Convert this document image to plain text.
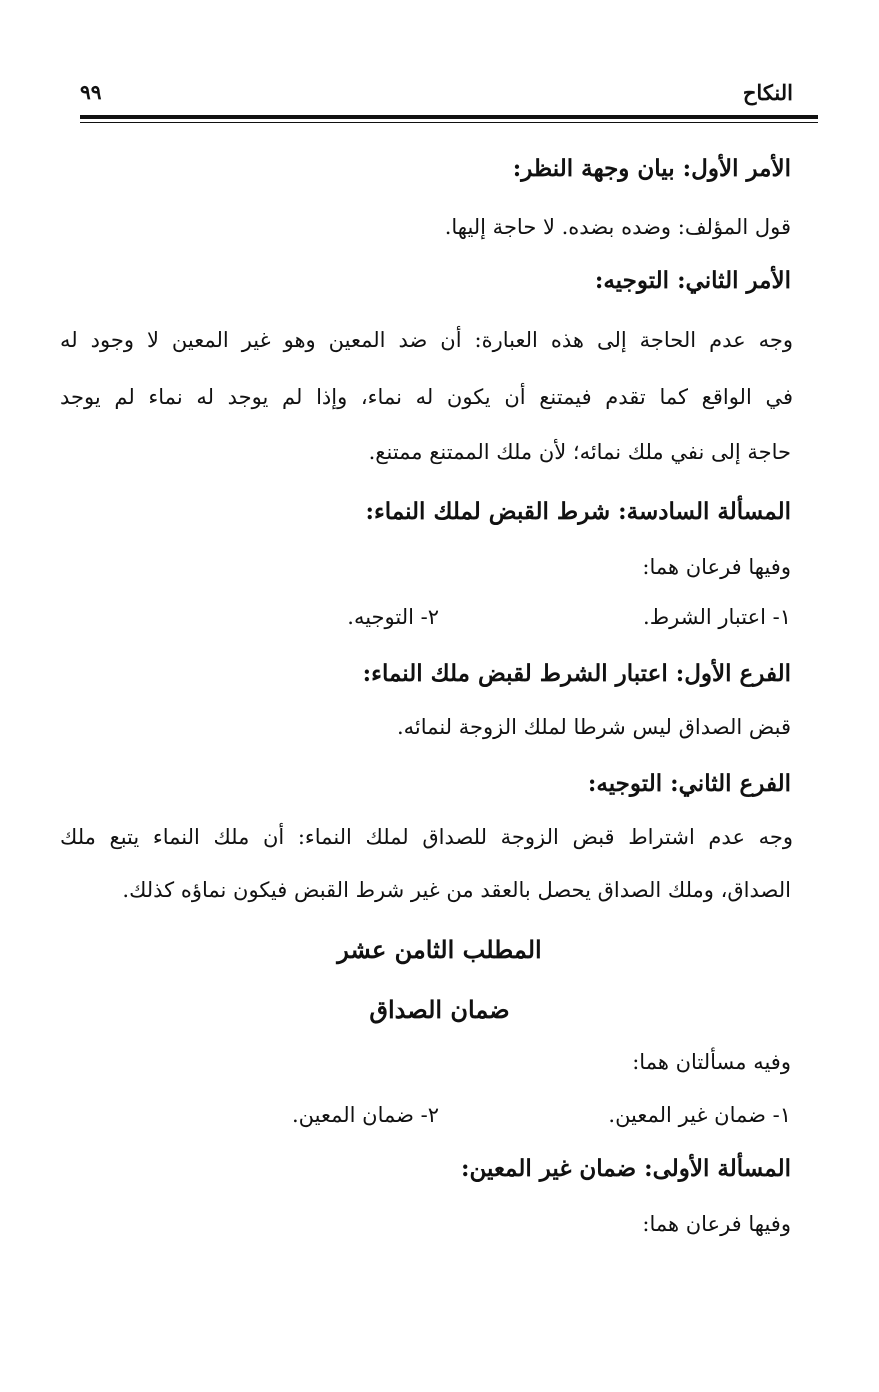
النكاح
٩٩
الأمر الأول: بيان وجهة النظر:
قول المؤلف: وضده بضده. لا حاجة إليها.
الأمر الثاني: التوجيه:
وجه عدم الحاجة إلى هذه العبارة: أن ضد المعين وهو غير المعين لا وجود له
في الواقع كما تقدم فيمتنع أن يكون له نماء، وإذا لم يوجد له نماء لم يوجد
حاجة إلى نفي ملك نمائه؛ لأن ملك الممتنع ممتنع.
المسألة السادسة: شرط القبض لملك النماء:
وفيها فرعان هما:
١- اعتبار الشرط.
٢- التوجيه.
الفرع الأول: اعتبار الشرط لقبض ملك النماء:
قبض الصداق ليس شرطا لملك الزوجة لنمائه.
الفرع الثاني: التوجيه:
وجه عدم اشتراط قبض الزوجة للصداق لملك النماء: أن ملك النماء يتبع ملك
الصداق، وملك الصداق يحصل بالعقد من غير شرط القبض فيكون نماؤه كذلك.
المطلب الثامن عشر
ضمان الصداق
وفيه مسألتان هما:
١- ضمان غير المعين.
٢- ضمان المعين.
المسألة الأولى: ضمان غير المعين:
وفيها فرعان هما:
